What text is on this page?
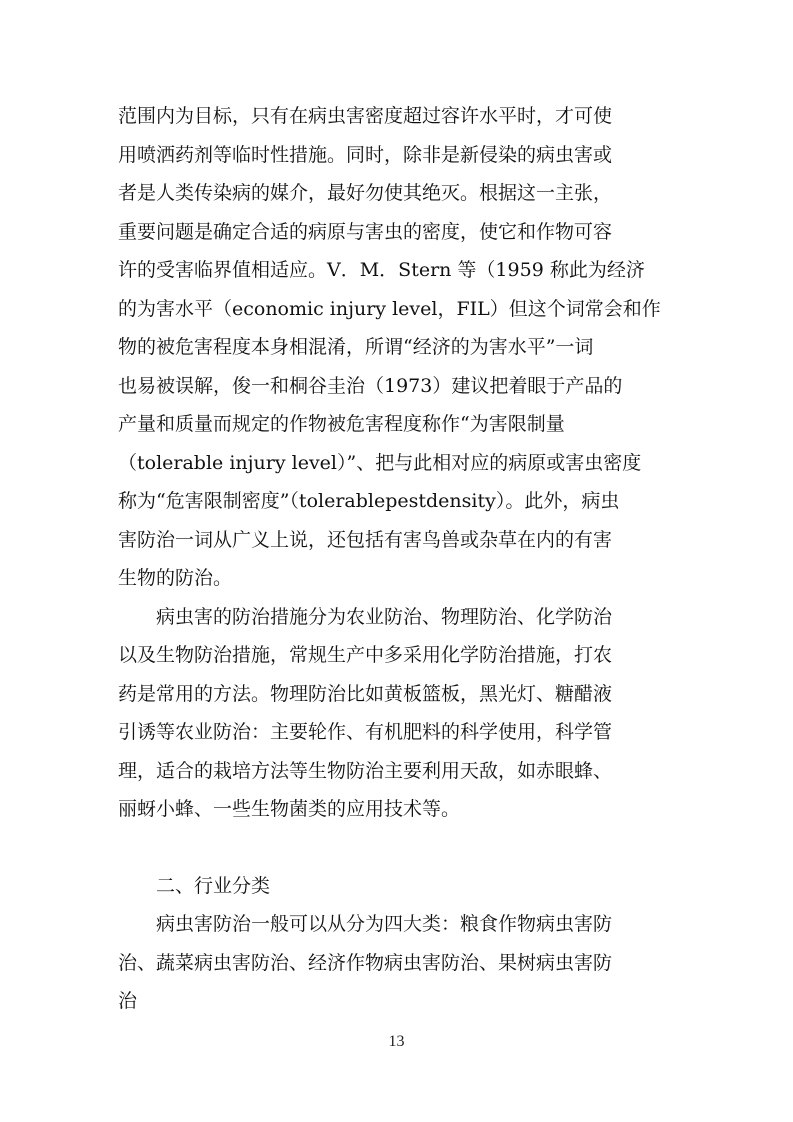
范围内为目标，只有在病虫害密度超过容许水平时，才可使
用喷洒药剂等临时性措施。同时，除非是新侵染的病虫害或
者是人类传染病的媒介，最好勿使其绝灭。根据这一主张，
重要问题是确定合适的病原与害虫的密度，使它和作物可容
许的受害临界值相适应。V．M．Stern 等（1959 称此为经济
的为害水平（economic injury level，FIL）但这个词常会和作
物的被危害程度本身相混淆，所谓“经济的为害水平”一词
也易被误解，俊一和桐谷圭治（1973）建议把着眼于产品的
产量和质量而规定的作物被危害程度称作“为害限制量
（tolerable injury level）”、把与此相对应的病原或害虫密度
称为“危害限制密度”（tolerablepestdensity）。此外，病虫
害防治一词从广义上说，还包括有害鸟兽或杂草在内的有害
生物的防治。
　　病虫害的防治措施分为农业防治、物理防治、化学防治
以及生物防治措施，常规生产中多采用化学防治措施，打农
药是常用的方法。物理防治比如黄板篮板，黑光灯、糖醋液
引诱等农业防治：主要轮作、有机肥料的科学使用，科学管
理，适合的栽培方法等生物防治主要利用天敌，如赤眼蜂、
丽蚜小蜂、一些生物菌类的应用技术等。
　　二、行业分类
　　病虫害防治一般可以从分为四大类：粮食作物病虫害防
治、蔬菜病虫害防治、经济作物病虫害防治、果树病虫害防
治
13
